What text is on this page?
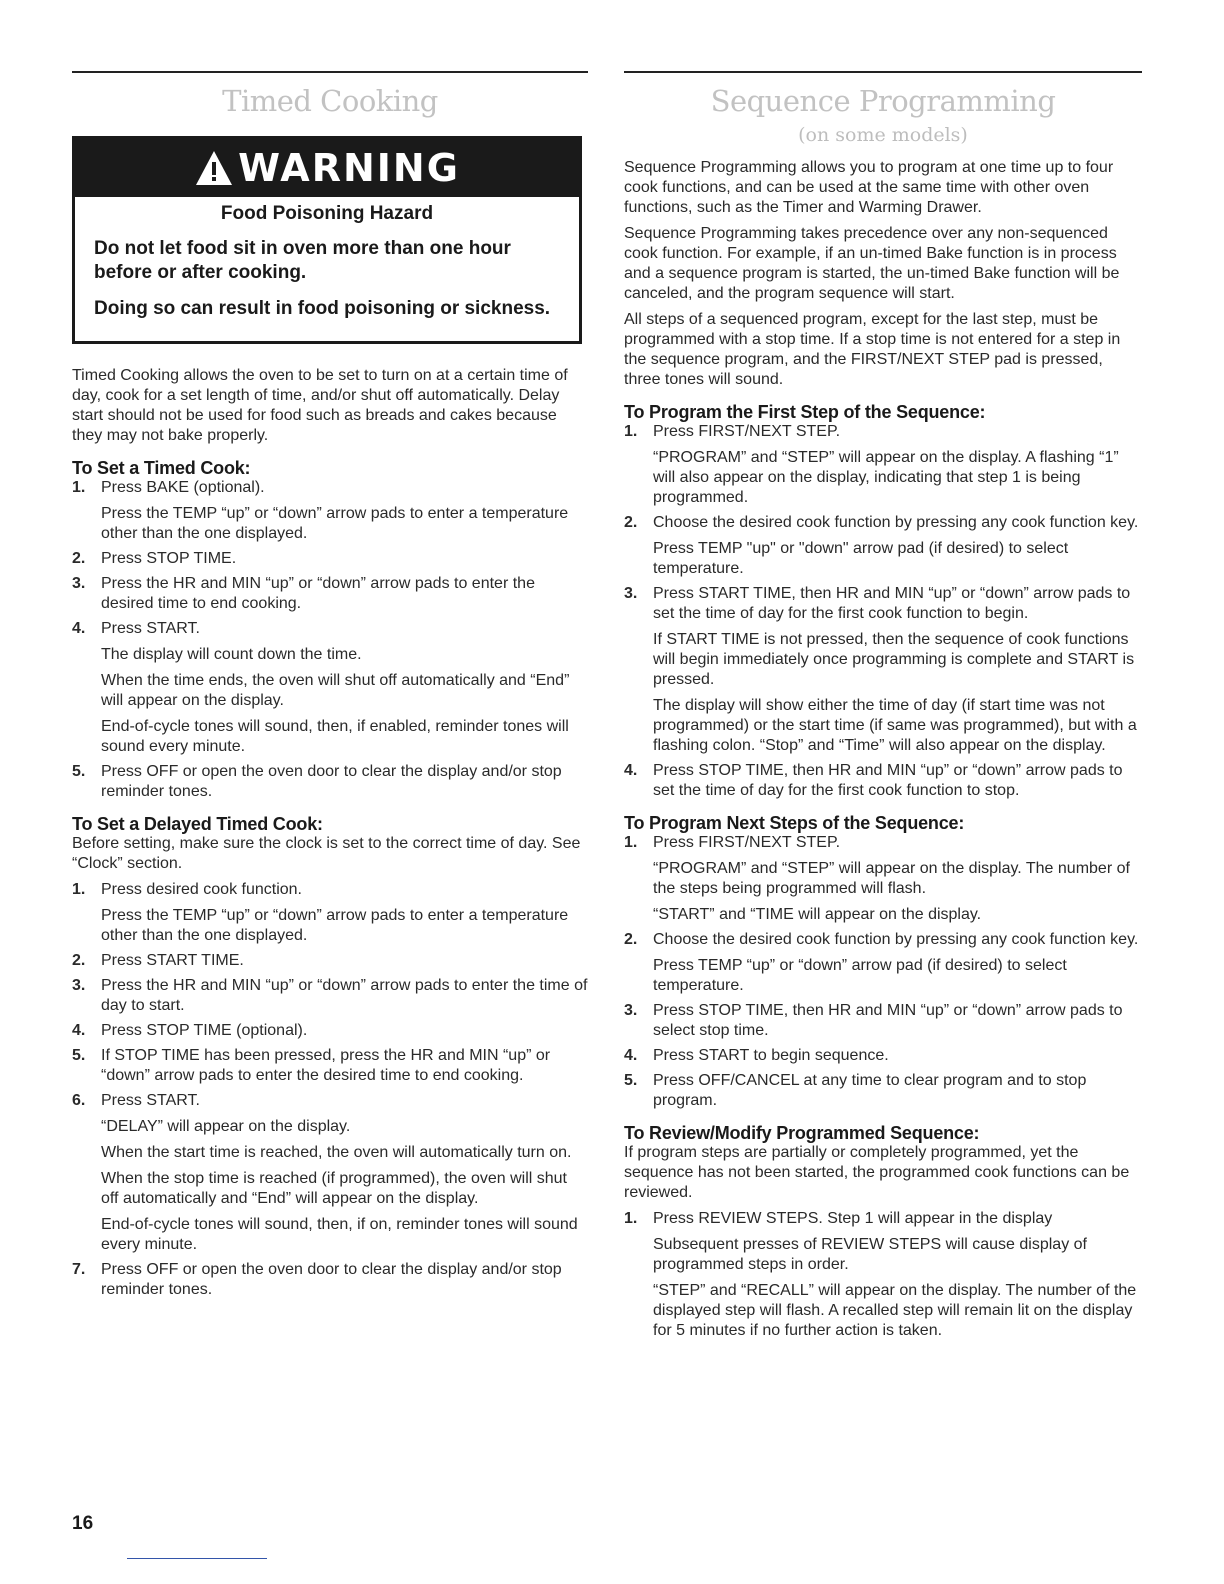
Timed Cooking
WARNING
Food Poisoning Hazard
Do not let food sit in oven more than one hour before or after cooking.
Doing so can result in food poisoning or sickness.

Timed Cooking allows the oven to be set to turn on at a certain time of day, cook for a set length of time, and/or shut off automatically. Delay start should not be used for food such as breads and cakes because they may not bake properly.

To Set a Timed Cook:
1. Press BAKE (optional).
Press the TEMP “up” or “down” arrow pads to enter a temperature other than the one displayed.
2. Press STOP TIME.
3. Press the HR and MIN “up” or “down” arrow pads to enter the desired time to end cooking.
4. Press START.
The display will count down the time.
When the time ends, the oven will shut off automatically and “End” will appear on the display.
End-of-cycle tones will sound, then, if enabled, reminder tones will sound every minute.
5. Press OFF or open the oven door to clear the display and/or stop reminder tones.
To Set a Delayed Timed Cook:

Before setting, make sure the clock is set to the correct time of day. See “Clock” section.

1. Press desired cook function.
Press the TEMP “up” or “down” arrow pads to enter a temperature other than the one displayed.
2. Press START TIME.
3. Press the HR and MIN “up” or “down” arrow pads to enter the time of day to start.
4. Press STOP TIME (optional).
5. If STOP TIME has been pressed, press the HR and MIN “up” or “down” arrow pads to enter the desired time to end cooking.
6. Press START.
“DELAY” will appear on the display.
When the start time is reached, the oven will automatically turn on.
When the stop time is reached (if programmed), the oven will shut off automatically and “End” will appear on the display.
End-of-cycle tones will sound, then, if on, reminder tones will sound every minute.
7. Press OFF or open the oven door to clear the display and/or stop reminder tones.
Sequence Programming
(on some models)

Sequence Programming allows you to program at one time up to four cook functions, and can be used at the same time with other oven functions, such as the Timer and Warming Drawer.

Sequence Programming takes precedence over any non-sequenced cook function. For example, if an un-timed Bake function is in process and a sequence program is started, the un-timed Bake function will be canceled, and the program sequence will start.

All steps of a sequenced program, except for the last step, must be programmed with a stop time. If a stop time is not entered for a step in the sequence program, and the FIRST/NEXT STEP pad is pressed, three tones will sound.

To Program the First Step of the Sequence:
1. Press FIRST/NEXT STEP.
“PROGRAM” and “STEP” will appear on the display. A flashing “1” will also appear on the display, indicating that step 1 is being programmed.
2. Choose the desired cook function by pressing any cook function key.
Press TEMP "up" or "down" arrow pad (if desired) to select temperature.
3. Press START TIME, then HR and MIN “up” or “down” arrow pads to set the time of day for the first cook function to begin.
If START TIME is not pressed, then the sequence of cook functions will begin immediately once programming is complete and START is pressed.
The display will show either the time of day (if start time was not programmed) or the start time (if same was programmed), but with a flashing colon. “Stop” and “Time” will also appear on the display.
4. Press STOP TIME, then HR and MIN “up” or “down” arrow pads to set the time of day for the first cook function to stop.
To Program Next Steps of the Sequence:
1. Press FIRST/NEXT STEP.
“PROGRAM” and “STEP” will appear on the display. The number of the steps being programmed will flash.
“START” and “TIME will appear on the display.
2. Choose the desired cook function by pressing any cook function key.
Press TEMP “up” or “down” arrow pad (if desired) to select temperature.
3. Press STOP TIME, then HR and MIN “up” or “down” arrow pads to select stop time.
4. Press START to begin sequence.
5. Press OFF/CANCEL at any time to clear program and to stop program.
To Review/Modify Programmed Sequence:

If program steps are partially or completely programmed, yet the sequence has not been started, the programmed cook functions can be reviewed.

1. Press REVIEW STEPS. Step 1 will appear in the display
Subsequent presses of REVIEW STEPS will cause display of programmed steps in order.
“STEP” and “RECALL” will appear on the display. The number of the displayed step will flash. A recalled step will remain lit on the display for 5 minutes if no further action is taken.
16
